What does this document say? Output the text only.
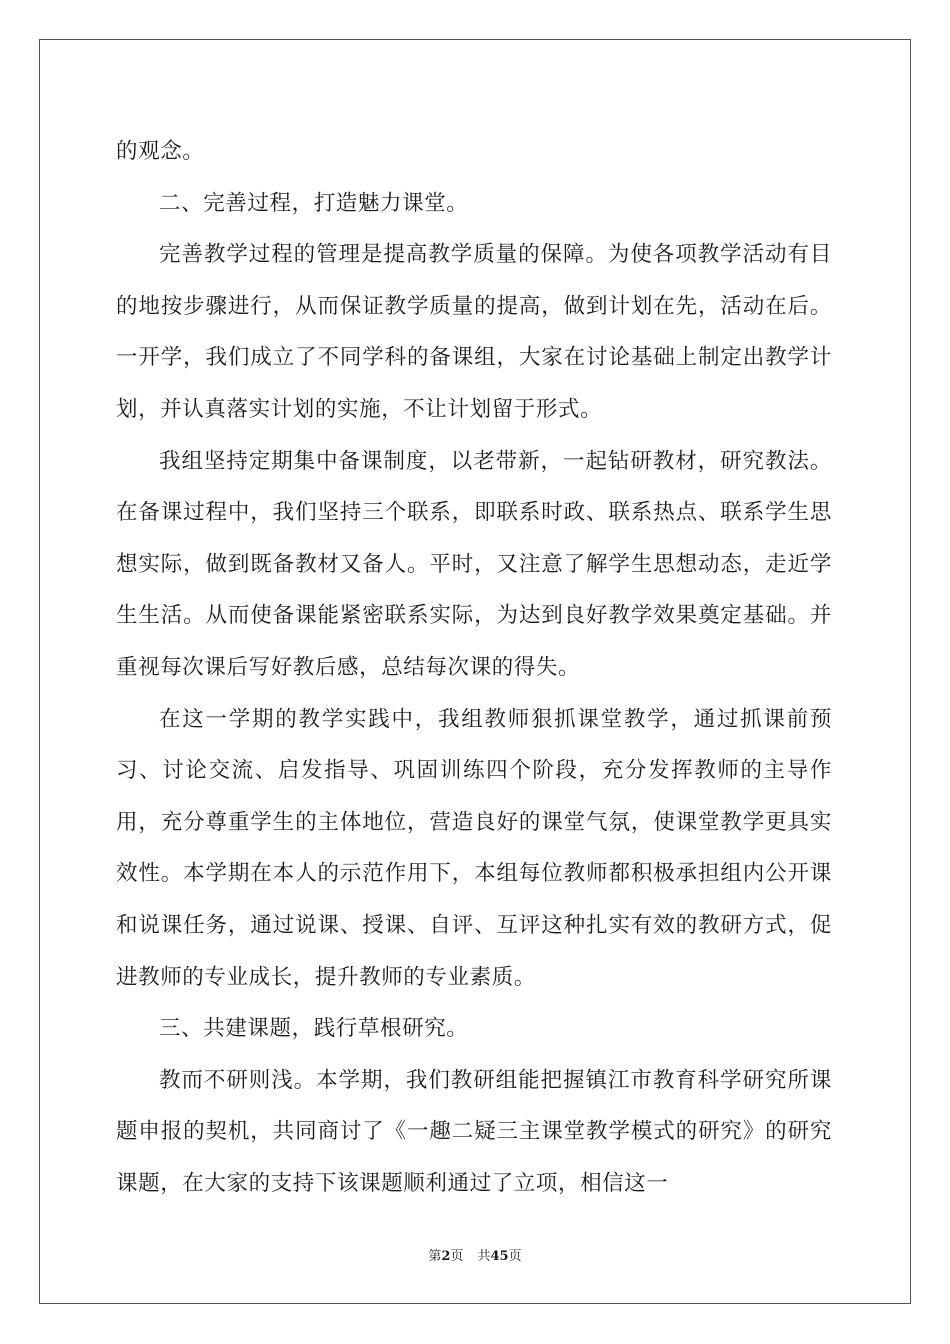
的观念。

二、完善过程，打造魅力课堂。

完善教学过程的管理是提高教学质量的保障。为使各项教学活动有目的地按步骤进行，从而保证教学质量的提高，做到计划在先，活动在后。一开学，我们成立了不同学科的备课组，大家在讨论基础上制定出教学计划，并认真落实计划的实施，不让计划留于形式。

我组坚持定期集中备课制度，以老带新，一起钻研教材，研究教法。在备课过程中，我们坚持三个联系，即联系时政、联系热点、联系学生思想实际，做到既备教材又备人。平时，又注意了解学生思想动态，走近学生生活。从而使备课能紧密联系实际，为达到良好教学效果奠定基础。并重视每次课后写好教后感，总结每次课的得失。

在这一学期的教学实践中，我组教师狠抓课堂教学，通过抓课前预习、讨论交流、启发指导、巩固训练四个阶段，充分发挥教师的主导作用，充分尊重学生的主体地位，营造良好的课堂气氛，使课堂教学更具实效性。本学期在本人的示范作用下，本组每位教师都积极承担组内公开课和说课任务，通过说课、授课、自评、互评这种扎实有效的教研方式，促进教师的专业成长，提升教师的专业素质。

三、共建课题，践行草根研究。

教而不研则浅。本学期，我们教研组能把握镇江市教育科学研究所课题申报的契机，共同商讨了《一趣二疑三主课堂教学模式的研究》的研究课题，在大家的支持下该课题顺利通过了立项，相信这一

第2页 共45页
